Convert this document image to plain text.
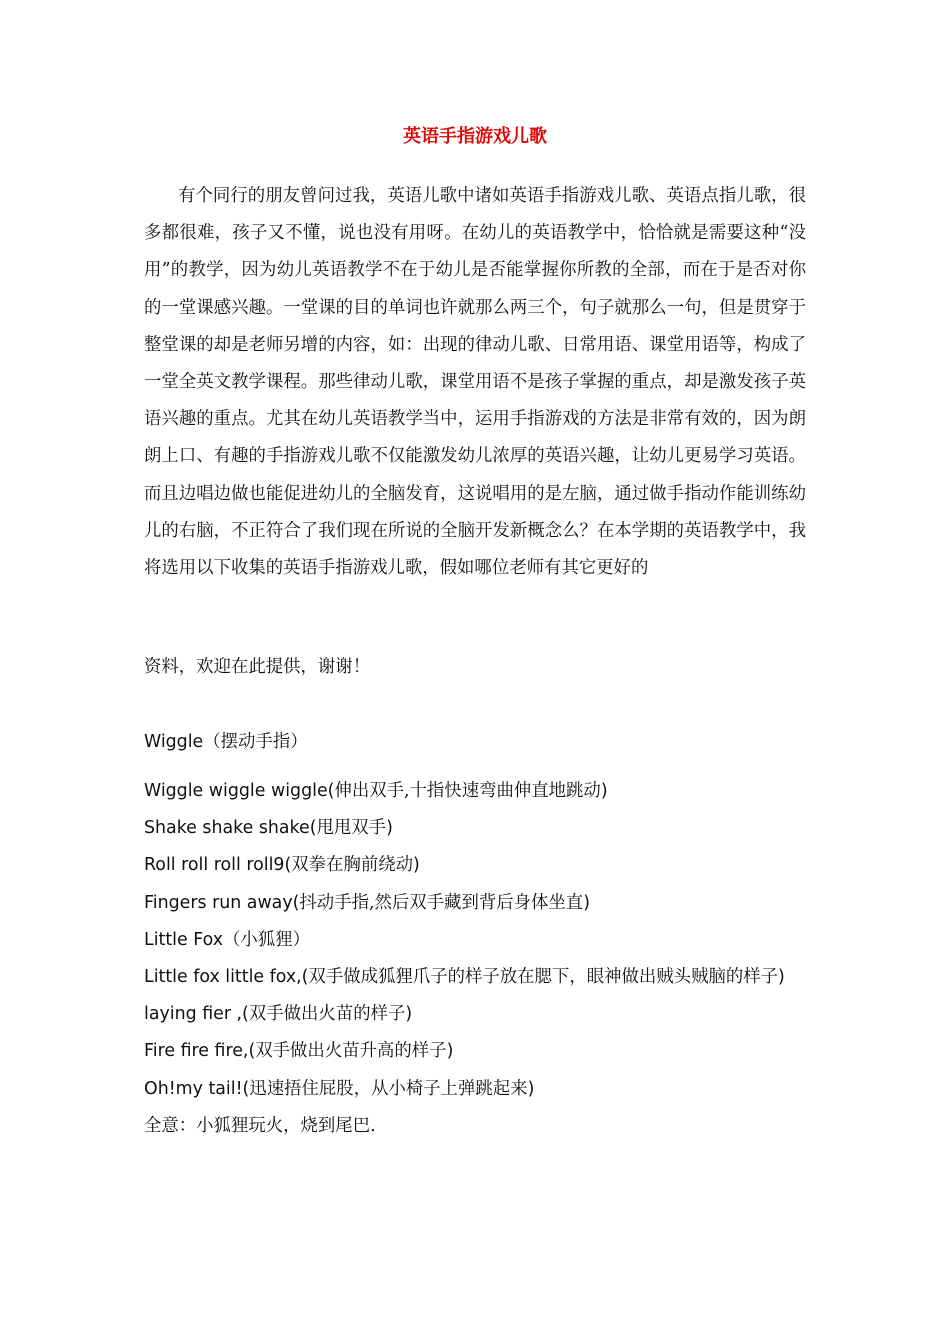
英语手指游戏儿歌

有个同行的朋友曾问过我，英语儿歌中诸如英语手指游戏儿歌、英语点指儿歌，很多都很难，孩子又不懂，说也没有用呀。在幼儿的英语教学中，恰恰就是需要这种“没用”的教学，因为幼儿英语教学不在于幼儿是否能掌握你所教的全部，而在于是否对你的一堂课感兴趣。一堂课的目的单词也许就那么两三个，句子就那么一句，但是贯穿于整堂课的却是老师另增的内容，如：出现的律动儿歌、日常用语、课堂用语等，构成了一堂全英文教学课程。那些律动儿歌，课堂用语不是孩子掌握的重点，却是激发孩子英语兴趣的重点。尤其在幼儿英语教学当中，运用手指游戏的方法是非常有效的，因为朗朗上口、有趣的手指游戏儿歌不仅能激发幼儿浓厚的英语兴趣，让幼儿更易学习英语。而且边唱边做也能促进幼儿的全脑发育，这说唱用的是左脑，通过做手指动作能训练幼儿的右脑，不正符合了我们现在所说的全脑开发新概念么？在本学期的英语教学中，我将选用以下收集的英语手指游戏儿歌，假如哪位老师有其它更好的

资料，欢迎在此提供，谢谢！

Wiggle（摆动手指）

Wiggle wiggle wiggle(伸出双手,十指快速弯曲伸直地跳动)
Shake shake shake(甩甩双手)
Roll roll roll roll9(双拳在胸前绕动)
Fingers run away(抖动手指,然后双手藏到背后身体坐直)
Little Fox（小狐狸）
Little fox little fox,(双手做成狐狸爪子的样子放在腮下，眼神做出贼头贼脑的样子)
laying fier ,(双手做出火苗的样子)
Fire fire fire,(双手做出火苗升高的样子)
Oh!my tail!(迅速捂住屁股，从小椅子上弹跳起来)
全意：小狐狸玩火，烧到尾巴.
